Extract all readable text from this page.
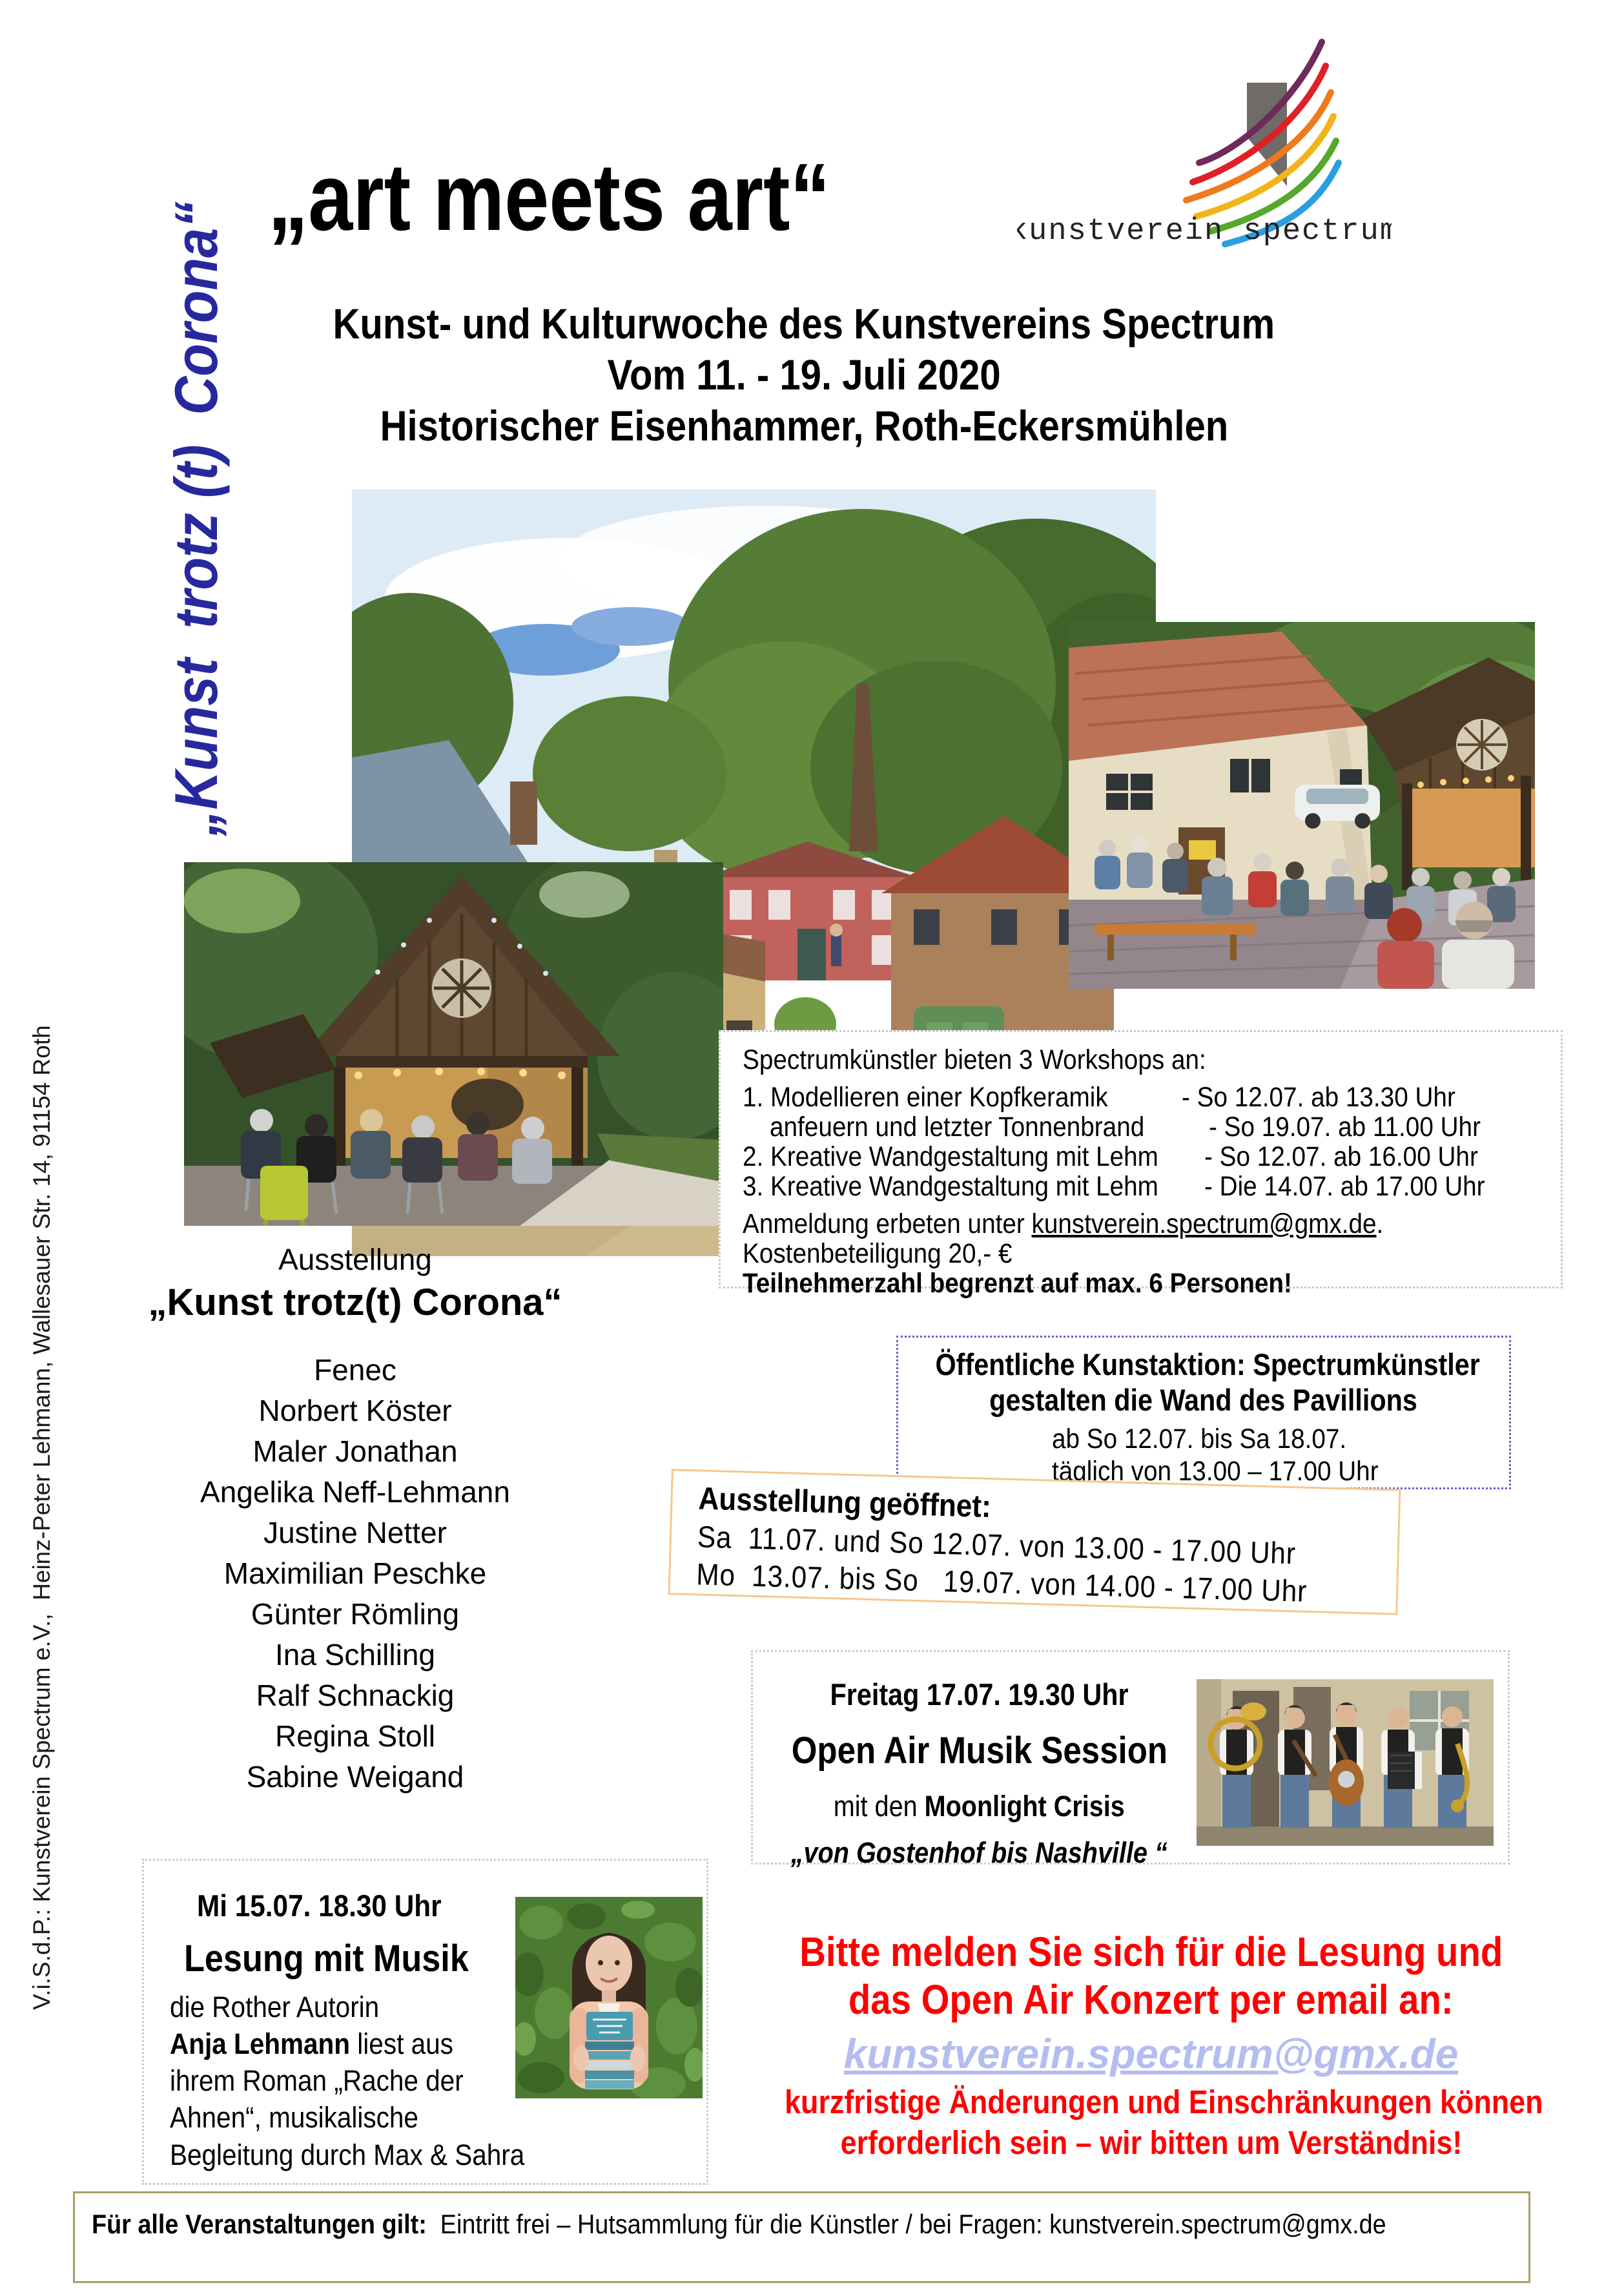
„Kunst  trotz (t)  Corona“
V.i.S.d.P.: Kunstverein Spectrum e.V.,  Heinz-Peter Lehmann, Wallesauer Str. 14, 91154 Roth
„art meets art“	kunstverein spectrum
Kunst- und Kulturwoche des Kunstvereins Spectrum
Vom 11. - 19. Juli 2020
Historischer Eisenhammer, Roth-Eckersmühlen
Spectrumkünstler bieten 3 Workshops an:
1. Modellieren einer Kopfkeramik	- So 12.07. ab 13.30 Uhr
anfeuern und letzter Tonnenbrand	- So 19.07. ab 11.00 Uhr
2. Kreative Wandgestaltung mit Lehm	- So 12.07. ab 16.00 Uhr
3. Kreative Wandgestaltung mit Lehm	- Die 14.07. ab 17.00 Uhr
Anmeldung erbeten unter kunstverein.spectrum@gmx.de.
Kostenbeteiligung 20,- €
Teilnehmerzahl begrenzt auf max. 6 Personen!
Ausstellung
„Kunst trotz(t) Corona“
Fenec
Norbert Köster
Maler Jonathan
Angelika Neff-Lehmann
Justine Netter
Maximilian Peschke
Günter Römling
Ina Schilling
Ralf Schnackig
Regina Stoll
Sabine Weigand
Öffentliche Kunstaktion: Spectrumkünstler
gestalten die Wand des Pavillions
ab So 12.07. bis Sa 18.07.
täglich von 13.00 – 17.00 Uhr
Ausstellung geöffnet:
Sa  11.07. und So 12.07. von 13.00 - 17.00 Uhr
Mo  13.07. bis So   19.07. von 14.00 - 17.00 Uhr
Freitag 17.07. 19.30 Uhr
Open Air Musik Session
mit den Moonlight Crisis
„von Gostenhof bis Nashville “
Mi 15.07. 18.30 Uhr
Lesung mit Musik
die Rother Autorin
Anja Lehmann liest aus
ihrem Roman „Rache der
Ahnen“, musikalische
Begleitung durch Max & Sahra
Bitte melden Sie sich für die Lesung und
das Open Air Konzert per email an:
kunstverein.spectrum@gmx.de
kurzfristige Änderungen und Einschränkungen können
erforderlich sein – wir bitten um Verständnis!
Für alle Veranstaltungen gilt:  Eintritt frei – Hutsammlung für die Künstler / bei Fragen: kunstverein.spectrum@gmx.de
